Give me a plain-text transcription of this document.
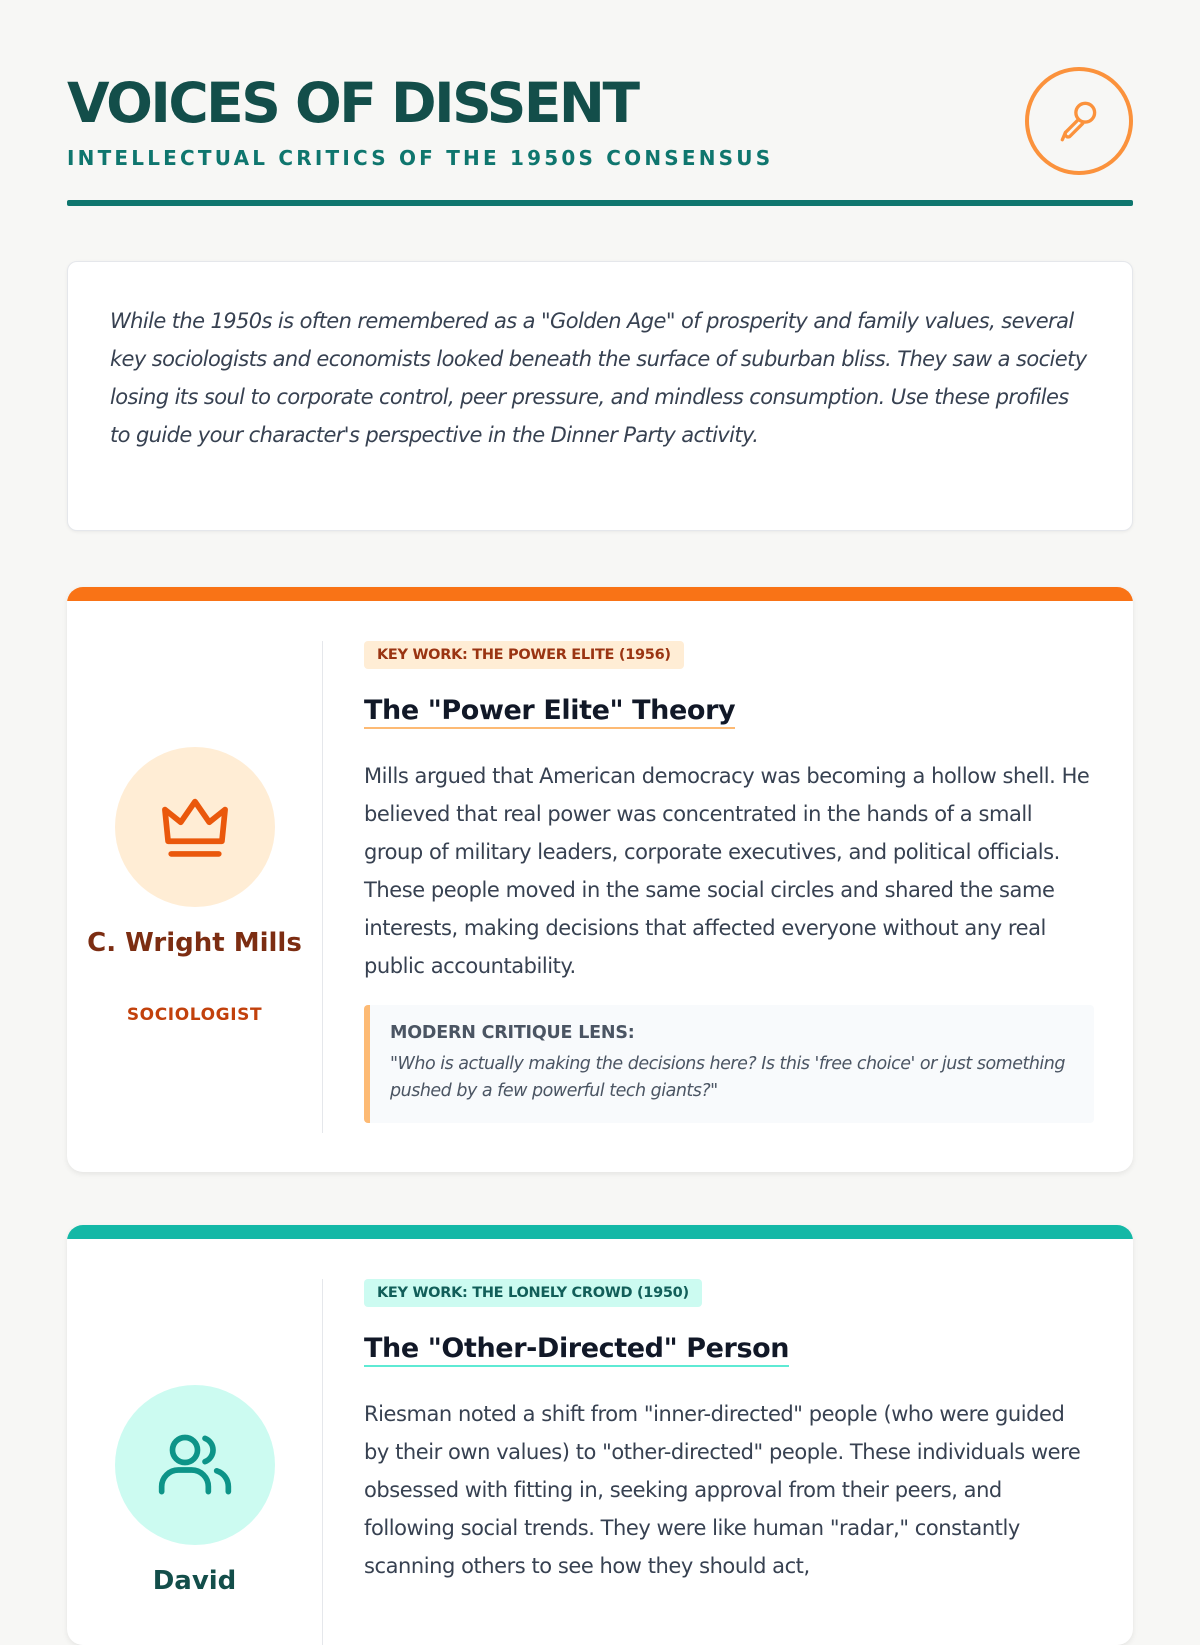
VOICES OF DISSENT
INTELLECTUAL CRITICS OF THE 1950S CONSENSUS

While the 1950s is often remembered as a "Golden Age" of prosperity and family values, several key sociologists and economists looked beneath the surface of suburban bliss. They saw a society losing its soul to corporate control, peer pressure, and mindless consumption. Use these profiles to guide your character's perspective in the Dinner Party activity.

C. Wright Mills
SOCIOLOGIST
KEY WORK: THE POWER ELITE (1956)
The "Power Elite" Theory

Mills argued that American democracy was becoming a hollow shell. He believed that real power was concentrated in the hands of a small group of military leaders, corporate executives, and political officials. These people moved in the same social circles and shared the same interests, making decisions that affected everyone without any real public accountability.

MODERN CRITIQUE LENS:
"Who is actually making the decisions here? Is this 'free choice' or just something pushed by a few powerful tech giants?"
David
KEY WORK: THE LONELY CROWD (1950)
The "Other-Directed" Person

Riesman noted a shift from "inner-directed" people (who were guided by their own values) to "other-directed" people. These individuals were obsessed with fitting in, seeking approval from their peers, and following social trends. They were like human "radar," constantly scanning others to see how they should act,
